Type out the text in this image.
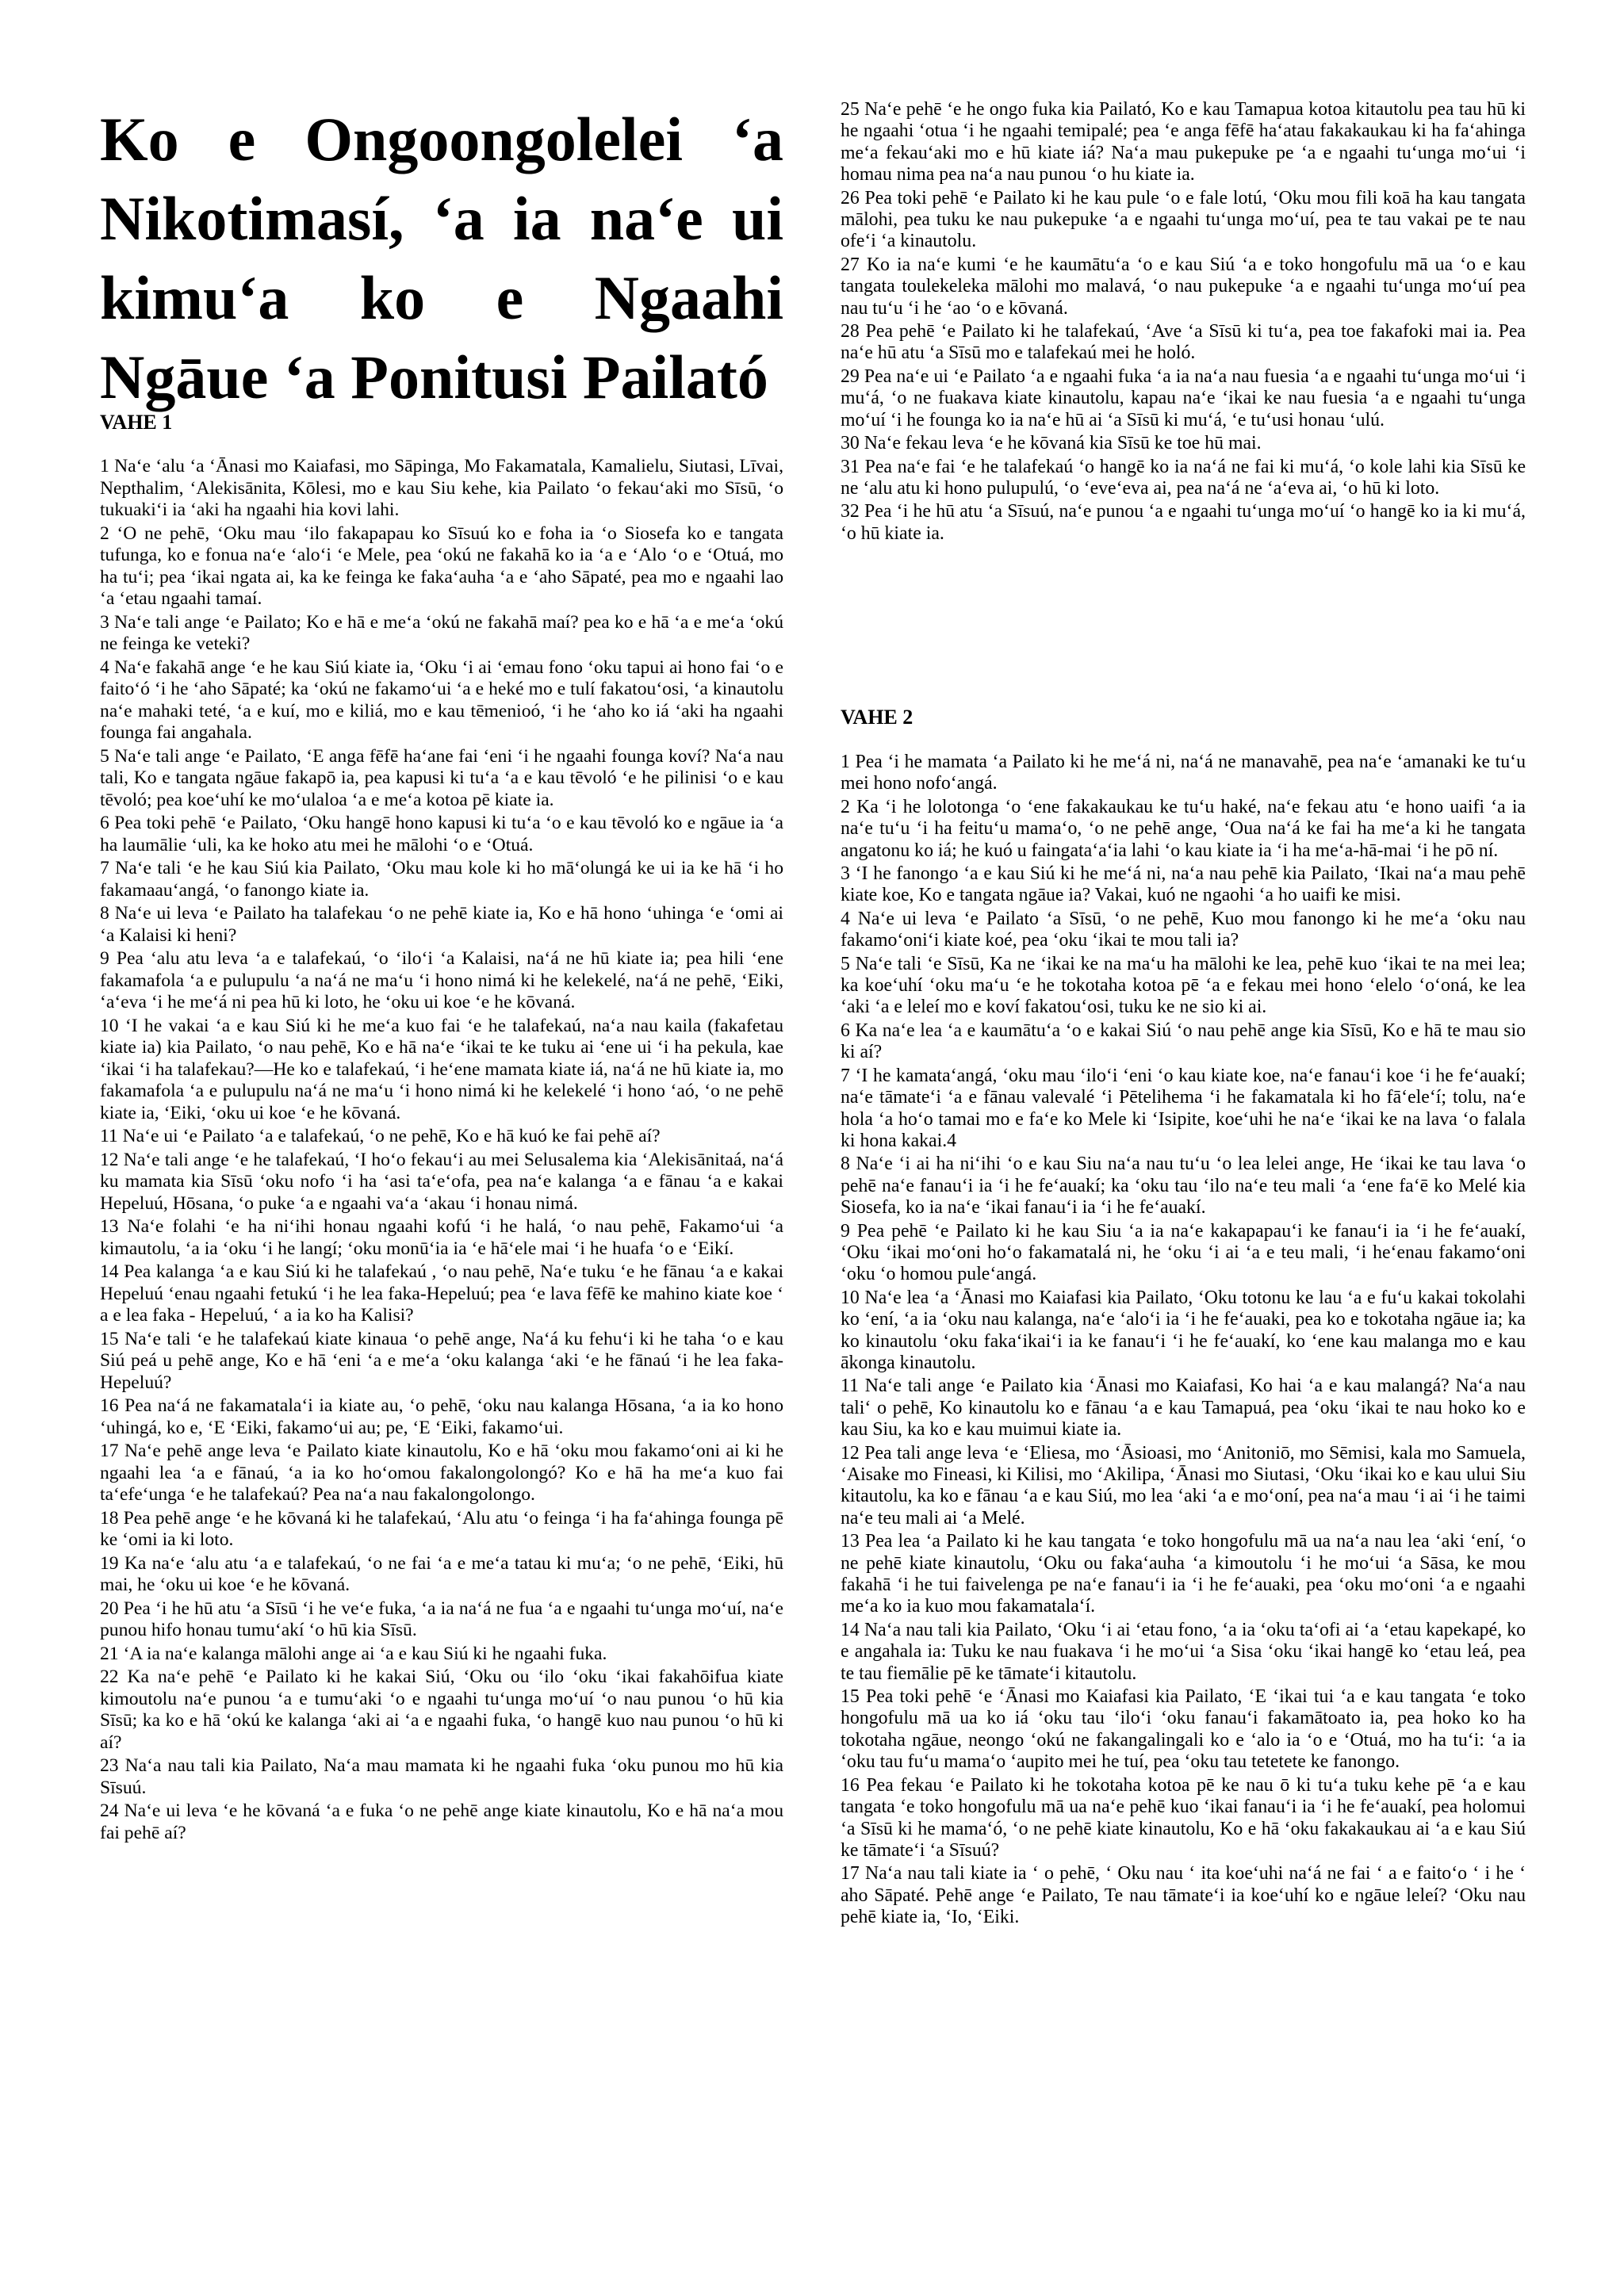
Ko e Ongoongolelei ‘a Nikotimasí, ‘a ia na‘e ui kimu‘a ko e Ngaahi Ngāue ‘a Ponitusi Pailató
VAHE 1

1 Na‘e ‘alu ‘a ‘Ānasi mo Kaiafasi, mo Sāpinga, Mo Fakamatala, Kamalielu, Siutasi, Līvai, Nepthalim, ‘Alekisānita, Kōlesi, mo e kau Siu kehe, kia Pailato ‘o fekau‘aki mo Sīsū, ‘o tukuaki‘i ia ‘aki ha ngaahi hia kovi lahi.

2 ‘O ne pehē, ‘Oku mau ‘ilo fakapapau ko Sīsuú ko e foha ia ‘o Siosefa ko e tangata tufunga, ko e fonua na‘e ‘alo‘i ‘e Mele, pea ‘okú ne fakahā ko ia ‘a e ‘Alo ‘o e ‘Otuá, mo ha tu‘i; pea ‘ikai ngata ai, ka ke feinga ke faka‘auha ‘a e ‘aho Sāpaté, pea mo e ngaahi lao ‘a ‘etau ngaahi tamaí.

3 Na‘e tali ange ‘e Pailato; Ko e hā e me‘a ‘okú ne fakahā maí? pea ko e hā ‘a e me‘a ‘okú ne feinga ke veteki?

4 Na‘e fakahā ange ‘e he kau Siú kiate ia, ‘Oku ‘i ai ‘emau fono ‘oku tapui ai hono fai ‘o e faito‘ó ‘i he ‘aho Sāpaté; ka ‘okú ne fakamo‘ui ‘a e heké mo e tulí fakatou‘osi, ‘a kinautolu na‘e mahaki teté, ‘a e kuí, mo e kiliá, mo e kau tēmenioó, ‘i he ‘aho ko iá ‘aki ha ngaahi founga fai angahala.

5 Na‘e tali ange ‘e Pailato, ‘E anga fēfē ha‘ane fai ‘eni ‘i he ngaahi founga koví? Na‘a nau tali, Ko e tangata ngāue fakapō ia, pea kapusi ki tu‘a ‘a e kau tēvoló ‘e he pilinisi ‘o e kau tēvoló; pea koe‘uhí ke mo‘ulaloa ‘a e me‘a kotoa pē kiate ia.

6 Pea toki pehē ‘e Pailato, ‘Oku hangē hono kapusi ki tu‘a ‘o e kau tēvoló ko e ngāue ia ‘a ha laumālie ‘uli, ka ke hoko atu mei he mālohi ‘o e ‘Otuá.

7 Na‘e tali ‘e he kau Siú kia Pailato, ‘Oku mau kole ki ho mā‘olungá ke ui ia ke hā ‘i ho fakamaau‘angá, ‘o fanongo kiate ia.

8 Na‘e ui leva ‘e Pailato ha talafekau ‘o ne pehē kiate ia, Ko e hā hono ‘uhinga ‘e ‘omi ai ‘a Kalaisi ki heni?

9 Pea ‘alu atu leva ‘a e talafekaú, ‘o ‘ilo‘i ‘a Kalaisi, na‘á ne hū kiate ia; pea hili ‘ene fakamafola ‘a e pulupulu ‘a na‘á ne ma‘u ‘i hono nimá ki he kelekelé, na‘á ne pehē, ‘Eiki, ‘a‘eva ‘i he me‘á ni pea hū ki loto, he ‘oku ui koe ‘e he kōvaná.

10 ‘I he vakai ‘a e kau Siú ki he me‘a kuo fai ‘e he talafekaú, na‘a nau kaila (fakafetau kiate ia) kia Pailato, ‘o nau pehē, Ko e hā na‘e ‘ikai te ke tuku ai ‘ene ui ‘i ha pekula, kae ‘ikai ‘i ha talafekau?—He ko e talafekaú, ‘i he‘ene mamata kiate iá, na‘á ne hū kiate ia, mo fakamafola ‘a e pulupulu na‘á ne ma‘u ‘i hono nimá ki he kelekelé ‘i hono ‘aó, ‘o ne pehē kiate ia, ‘Eiki, ‘oku ui koe ‘e he kōvaná.

11 Na‘e ui ‘e Pailato ‘a e talafekaú, ‘o ne pehē, Ko e hā kuó ke fai pehē aí?

12 Na‘e tali ange ‘e he talafekaú, ‘I ho‘o fekau‘i au mei Selusalema kia ‘Alekisānitaá, na‘á ku mamata kia Sīsū ‘oku nofo ‘i ha ‘asi ta‘e‘ofa, pea na‘e kalanga ‘a e fānau ‘a e kakai Hepeluú, Hōsana, ‘o puke ‘a e ngaahi va‘a ‘akau ‘i honau nimá.

13 Na‘e folahi ‘e ha ni‘ihi honau ngaahi kofú ‘i he halá, ‘o nau pehē, Fakamo‘ui ‘a kimautolu, ‘a ia ‘oku ‘i he langí; ‘oku monū‘ia ia ‘e hā‘ele mai ‘i he huafa ‘o e ‘Eikí.

14 Pea kalanga ‘a e kau Siú ki he talafekaú , ‘o nau pehē, Na‘e tuku ‘e he fānau ‘a e kakai Hepeluú ‘enau ngaahi fetukú ‘i he lea faka-Hepeluú; pea ‘e lava fēfē ke mahino kiate koe ‘ a e lea faka - Hepeluú, ‘ a ia ko ha Kalisi?

15 Na‘e tali ‘e he talafekaú kiate kinaua ‘o pehē ange, Na‘á ku fehu‘i ki he taha ‘o e kau Siú peá u pehē ange, Ko e hā ‘eni ‘a e me‘a ‘oku kalanga ‘aki ‘e he fānaú ‘i he lea faka-Hepeluú?

16 Pea na‘á ne fakamatala‘i ia kiate au, ‘o pehē, ‘oku nau kalanga Hōsana, ‘a ia ko hono ‘uhingá, ko e, ‘E ‘Eiki, fakamo‘ui au; pe, ‘E ‘Eiki, fakamo‘ui.

17 Na‘e pehē ange leva ‘e Pailato kiate kinautolu, Ko e hā ‘oku mou fakamo‘oni ai ki he ngaahi lea ‘a e fānaú, ‘a ia ko ho‘omou fakalongolongó? Ko e hā ha me‘a kuo fai ta‘efe‘unga ‘e he talafekaú? Pea na‘a nau fakalongolongo.

18 Pea pehē ange ‘e he kōvaná ki he talafekaú, ‘Alu atu ‘o feinga ‘i ha fa‘ahinga founga pē ke ‘omi ia ki loto.

19 Ka na‘e ‘alu atu ‘a e talafekaú, ‘o ne fai ‘a e me‘a tatau ki mu‘a; ‘o ne pehē, ‘Eiki, hū mai, he ‘oku ui koe ‘e he kōvaná.

20 Pea ‘i he hū atu ‘a Sīsū ‘i he ve‘e fuka, ‘a ia na‘á ne fua ‘a e ngaahi tu‘unga mo‘uí, na‘e punou hifo honau tumu‘akí ‘o hū kia Sīsū.

21 ‘A ia na‘e kalanga mālohi ange ai ‘a e kau Siú ki he ngaahi fuka.

22 Ka na‘e pehē ‘e Pailato ki he kakai Siú, ‘Oku ou ‘ilo ‘oku ‘ikai fakahōifua kiate kimoutolu na‘e punou ‘a e tumu‘aki ‘o e ngaahi tu‘unga mo‘uí ‘o nau punou ‘o hū kia Sīsū; ka ko e hā ‘okú ke kalanga ‘aki ai ‘a e ngaahi fuka, ‘o hangē kuo nau punou ‘o hū ki aí?

23 Na‘a nau tali kia Pailato, Na‘a mau mamata ki he ngaahi fuka ‘oku punou mo hū kia Sīsuú.

24 Na‘e ui leva ‘e he kōvaná ‘a e fuka ‘o ne pehē ange kiate kinautolu, Ko e hā na‘a mou fai pehē aí?

25 Na‘e pehē ‘e he ongo fuka kia Pailató, Ko e kau Tamapua kotoa kitautolu pea tau hū ki he ngaahi ‘otua ‘i he ngaahi temipalé; pea ‘e anga fēfē ha‘atau fakakaukau ki ha fa‘ahinga me‘a fekau‘aki mo e hū kiate iá? Na‘a mau pukepuke pe ‘a e ngaahi tu‘unga mo‘ui ‘i homau nima pea na‘a nau punou ‘o hu kiate ia.

26 Pea toki pehē ‘e Pailato ki he kau pule ‘o e fale lotú, ‘Oku mou fili koā ha kau tangata mālohi, pea tuku ke nau pukepuke ‘a e ngaahi tu‘unga mo‘uí, pea te tau vakai pe te nau ofe‘i ‘a kinautolu.

27 Ko ia na‘e kumi ‘e he kaumātu‘a ‘o e kau Siú ‘a e toko hongofulu mā ua ‘o e kau tangata toulekeleka mālohi mo malavá, ‘o nau pukepuke ‘a e ngaahi tu‘unga mo‘uí pea nau tu‘u ‘i he ‘ao ‘o e kōvaná.

28 Pea pehē ‘e Pailato ki he talafekaú, ‘Ave ‘a Sīsū ki tu‘a, pea toe fakafoki mai ia. Pea na‘e hū atu ‘a Sīsū mo e talafekaú mei he holó.

29 Pea na‘e ui ‘e Pailato ‘a e ngaahi fuka ‘a ia na‘a nau fuesia ‘a e ngaahi tu‘unga mo‘ui ‘i mu‘á, ‘o ne fuakava kiate kinautolu, kapau na‘e ‘ikai ke nau fuesia ‘a e ngaahi tu‘unga mo‘uí ‘i he founga ko ia na‘e hū ai ‘a Sīsū ki mu‘á, ‘e tu‘usi honau ‘ulú.

30 Na‘e fekau leva ‘e he kōvaná kia Sīsū ke toe hū mai.

31 Pea na‘e fai ‘e he talafekaú ‘o hangē ko ia na‘á ne fai ki mu‘á, ‘o kole lahi kia Sīsū ke ne ‘alu atu ki hono pulupulú, ‘o ‘eve‘eva ai, pea na‘á ne ‘a‘eva ai, ‘o hū ki loto.

32 Pea ‘i he hū atu ‘a Sīsuú, na‘e punou ‘a e ngaahi tu‘unga mo‘uí ‘o hangē ko ia ki mu‘á, ‘o hū kiate ia.

VAHE 2

1 Pea ‘i he mamata ‘a Pailato ki he me‘á ni, na‘á ne manavahē, pea na‘e ‘amanaki ke tu‘u mei hono nofo‘angá.

2 Ka ‘i he lolotonga ‘o ‘ene fakakaukau ke tu‘u haké, na‘e fekau atu ‘e hono uaifi ‘a ia na‘e tu‘u ‘i ha feitu‘u mama‘o, ‘o ne pehē ange, ‘Oua na‘á ke fai ha me‘a ki he tangata angatonu ko iá; he kuó u faingata‘a‘ia lahi ‘o kau kiate ia ‘i ha me‘a-hā-mai ‘i he pō ní.

3 ‘I he fanongo ‘a e kau Siú ki he me‘á ni, na‘a nau pehē kia Pailato, ‘Ikai na‘a mau pehē kiate koe, Ko e tangata ngāue ia? Vakai, kuó ne ngaohi ‘a ho uaifi ke misi.

4 Na‘e ui leva ‘e Pailato ‘a Sīsū, ‘o ne pehē, Kuo mou fanongo ki he me‘a ‘oku nau fakamo‘oni‘i kiate koé, pea ‘oku ‘ikai te mou tali ia?

5 Na‘e tali ‘e Sīsū, Ka ne ‘ikai ke na ma‘u ha mālohi ke lea, pehē kuo ‘ikai te na mei lea; ka koe‘uhí ‘oku ma‘u ‘e he tokotaha kotoa pē ‘a e fekau mei hono ‘elelo ‘o‘oná, ke lea ‘aki ‘a e leleí mo e koví fakatou‘osi, tuku ke ne sio ki ai.

6 Ka na‘e lea ‘a e kaumātu‘a ‘o e kakai Siú ‘o nau pehē ange kia Sīsū, Ko e hā te mau sio ki aí?

7 ‘I he kamata‘angá, ‘oku mau ‘ilo‘i ‘eni ‘o kau kiate koe, na‘e fanau‘i koe ‘i he fe‘auakí; na‘e tāmate‘i ‘a e fānau valevalé ‘i Pētelihema ‘i he fakamatala ki ho fā‘ele‘í; tolu, na‘e hola ‘a ho‘o tamai mo e fa‘e ko Mele ki ‘Isipite, koe‘uhi he na‘e ‘ikai ke na lava ‘o falala ki hona kakai.4

8 Na‘e ‘i ai ha ni‘ihi ‘o e kau Siu na‘a nau tu‘u ‘o lea lelei ange, He ‘ikai ke tau lava ‘o pehē na‘e fanau‘i ia ‘i he fe‘auakí; ka ‘oku tau ‘ilo na‘e teu mali ‘a ‘ene fa‘ē ko Melé kia Siosefa, ko ia na‘e ‘ikai fanau‘i ia ‘i he fe‘auakí.

9 Pea pehē ‘e Pailato ki he kau Siu ‘a ia na‘e kakapapau‘i ke fanau‘i ia ‘i he fe‘auakí, ‘Oku ‘ikai mo‘oni ho‘o fakamatalá ni, he ‘oku ‘i ai ‘a e teu mali, ‘i he‘enau fakamo‘oni ‘oku ‘o homou pule‘angá.

10 Na‘e lea ‘a ‘Ānasi mo Kaiafasi kia Pailato, ‘Oku totonu ke lau ‘a e fu‘u kakai tokolahi ko ‘ení, ‘a ia ‘oku nau kalanga, na‘e ‘alo‘i ia ‘i he fe‘auaki, pea ko e tokotaha ngāue ia; ka ko kinautolu ‘oku faka‘ikai‘i ia ke fanau‘i ‘i he fe‘auakí, ko ‘ene kau malanga mo e kau ākonga kinautolu.

11 Na‘e tali ange ‘e Pailato kia ‘Ānasi mo Kaiafasi, Ko hai ‘a e kau malangá? Na‘a nau tali‘ o pehē, Ko kinautolu ko e fānau ‘a e kau Tamapuá, pea ‘oku ‘ikai te nau hoko ko e kau Siu, ka ko e kau muimui kiate ia.

12 Pea tali ange leva ‘e ‘Eliesa, mo ‘Āsioasi, mo ‘Anitoniō, mo Sēmisi, kala mo Samuela, ‘Aisake mo Fineasi, ki Kilisi, mo ‘Akilipa, ‘Ānasi mo Siutasi, ‘Oku ‘ikai ko e kau ului Siu kitautolu, ka ko e fānau ‘a e kau Siú, mo lea ‘aki ‘a e mo‘oní, pea na‘a mau ‘i ai ‘i he taimi na‘e teu mali ai ‘a Melé.

13 Pea lea ‘a Pailato ki he kau tangata ‘e toko hongofulu mā ua na‘a nau lea ‘aki ‘ení, ‘o ne pehē kiate kinautolu, ‘Oku ou faka‘auha ‘a kimoutolu ‘i he mo‘ui ‘a Sāsa, ke mou fakahā ‘i he tui faivelenga pe na‘e fanau‘i ia ‘i he fe‘auaki, pea ‘oku mo‘oni ‘a e ngaahi me‘a ko ia kuo mou fakamatala‘í.

14 Na‘a nau tali kia Pailato, ‘Oku ‘i ai ‘etau fono, ‘a ia ‘oku ta‘ofi ai ‘a ‘etau kapekapé, ko e angahala ia: Tuku ke nau fuakava ‘i he mo‘ui ‘a Sisa ‘oku ‘ikai hangē ko ‘etau leá, pea te tau fiemālie pē ke tāmate‘i kitautolu.

15 Pea toki pehē ‘e ‘Ānasi mo Kaiafasi kia Pailato, ‘E ‘ikai tui ‘a e kau tangata ‘e toko hongofulu mā ua ko iá ‘oku tau ‘ilo‘i ‘oku fanau‘i fakamātoato ia, pea hoko ko ha tokotaha ngāue, neongo ‘okú ne fakangalingali ko e ‘alo ia ‘o e ‘Otuá, mo ha tu‘i: ‘a ia ‘oku tau fu‘u mama‘o ‘aupito mei he tuí, pea ‘oku tau tetetete ke fanongo.

16 Pea fekau ‘e Pailato ki he tokotaha kotoa pē ke nau ō ki tu‘a tuku kehe pē ‘a e kau tangata ‘e toko hongofulu mā ua na‘e pehē kuo ‘ikai fanau‘i ia ‘i he fe‘auakí, pea holomui ‘a Sīsū ki he mama‘ó, ‘o ne pehē kiate kinautolu, Ko e hā ‘oku fakakaukau ai ‘a e kau Siú ke tāmate‘i ‘a Sīsuú?

17 Na‘a nau tali kiate ia ‘ o pehē, ‘ Oku nau ‘ ita koe‘uhi na‘á ne fai ‘ a e faito‘o ‘ i he ‘ aho Sāpaté. Pehē ange ‘e Pailato, Te nau tāmate‘i ia koe‘uhí ko e ngāue leleí? ‘Oku nau pehē kiate ia, ‘Io, ‘Eiki.
